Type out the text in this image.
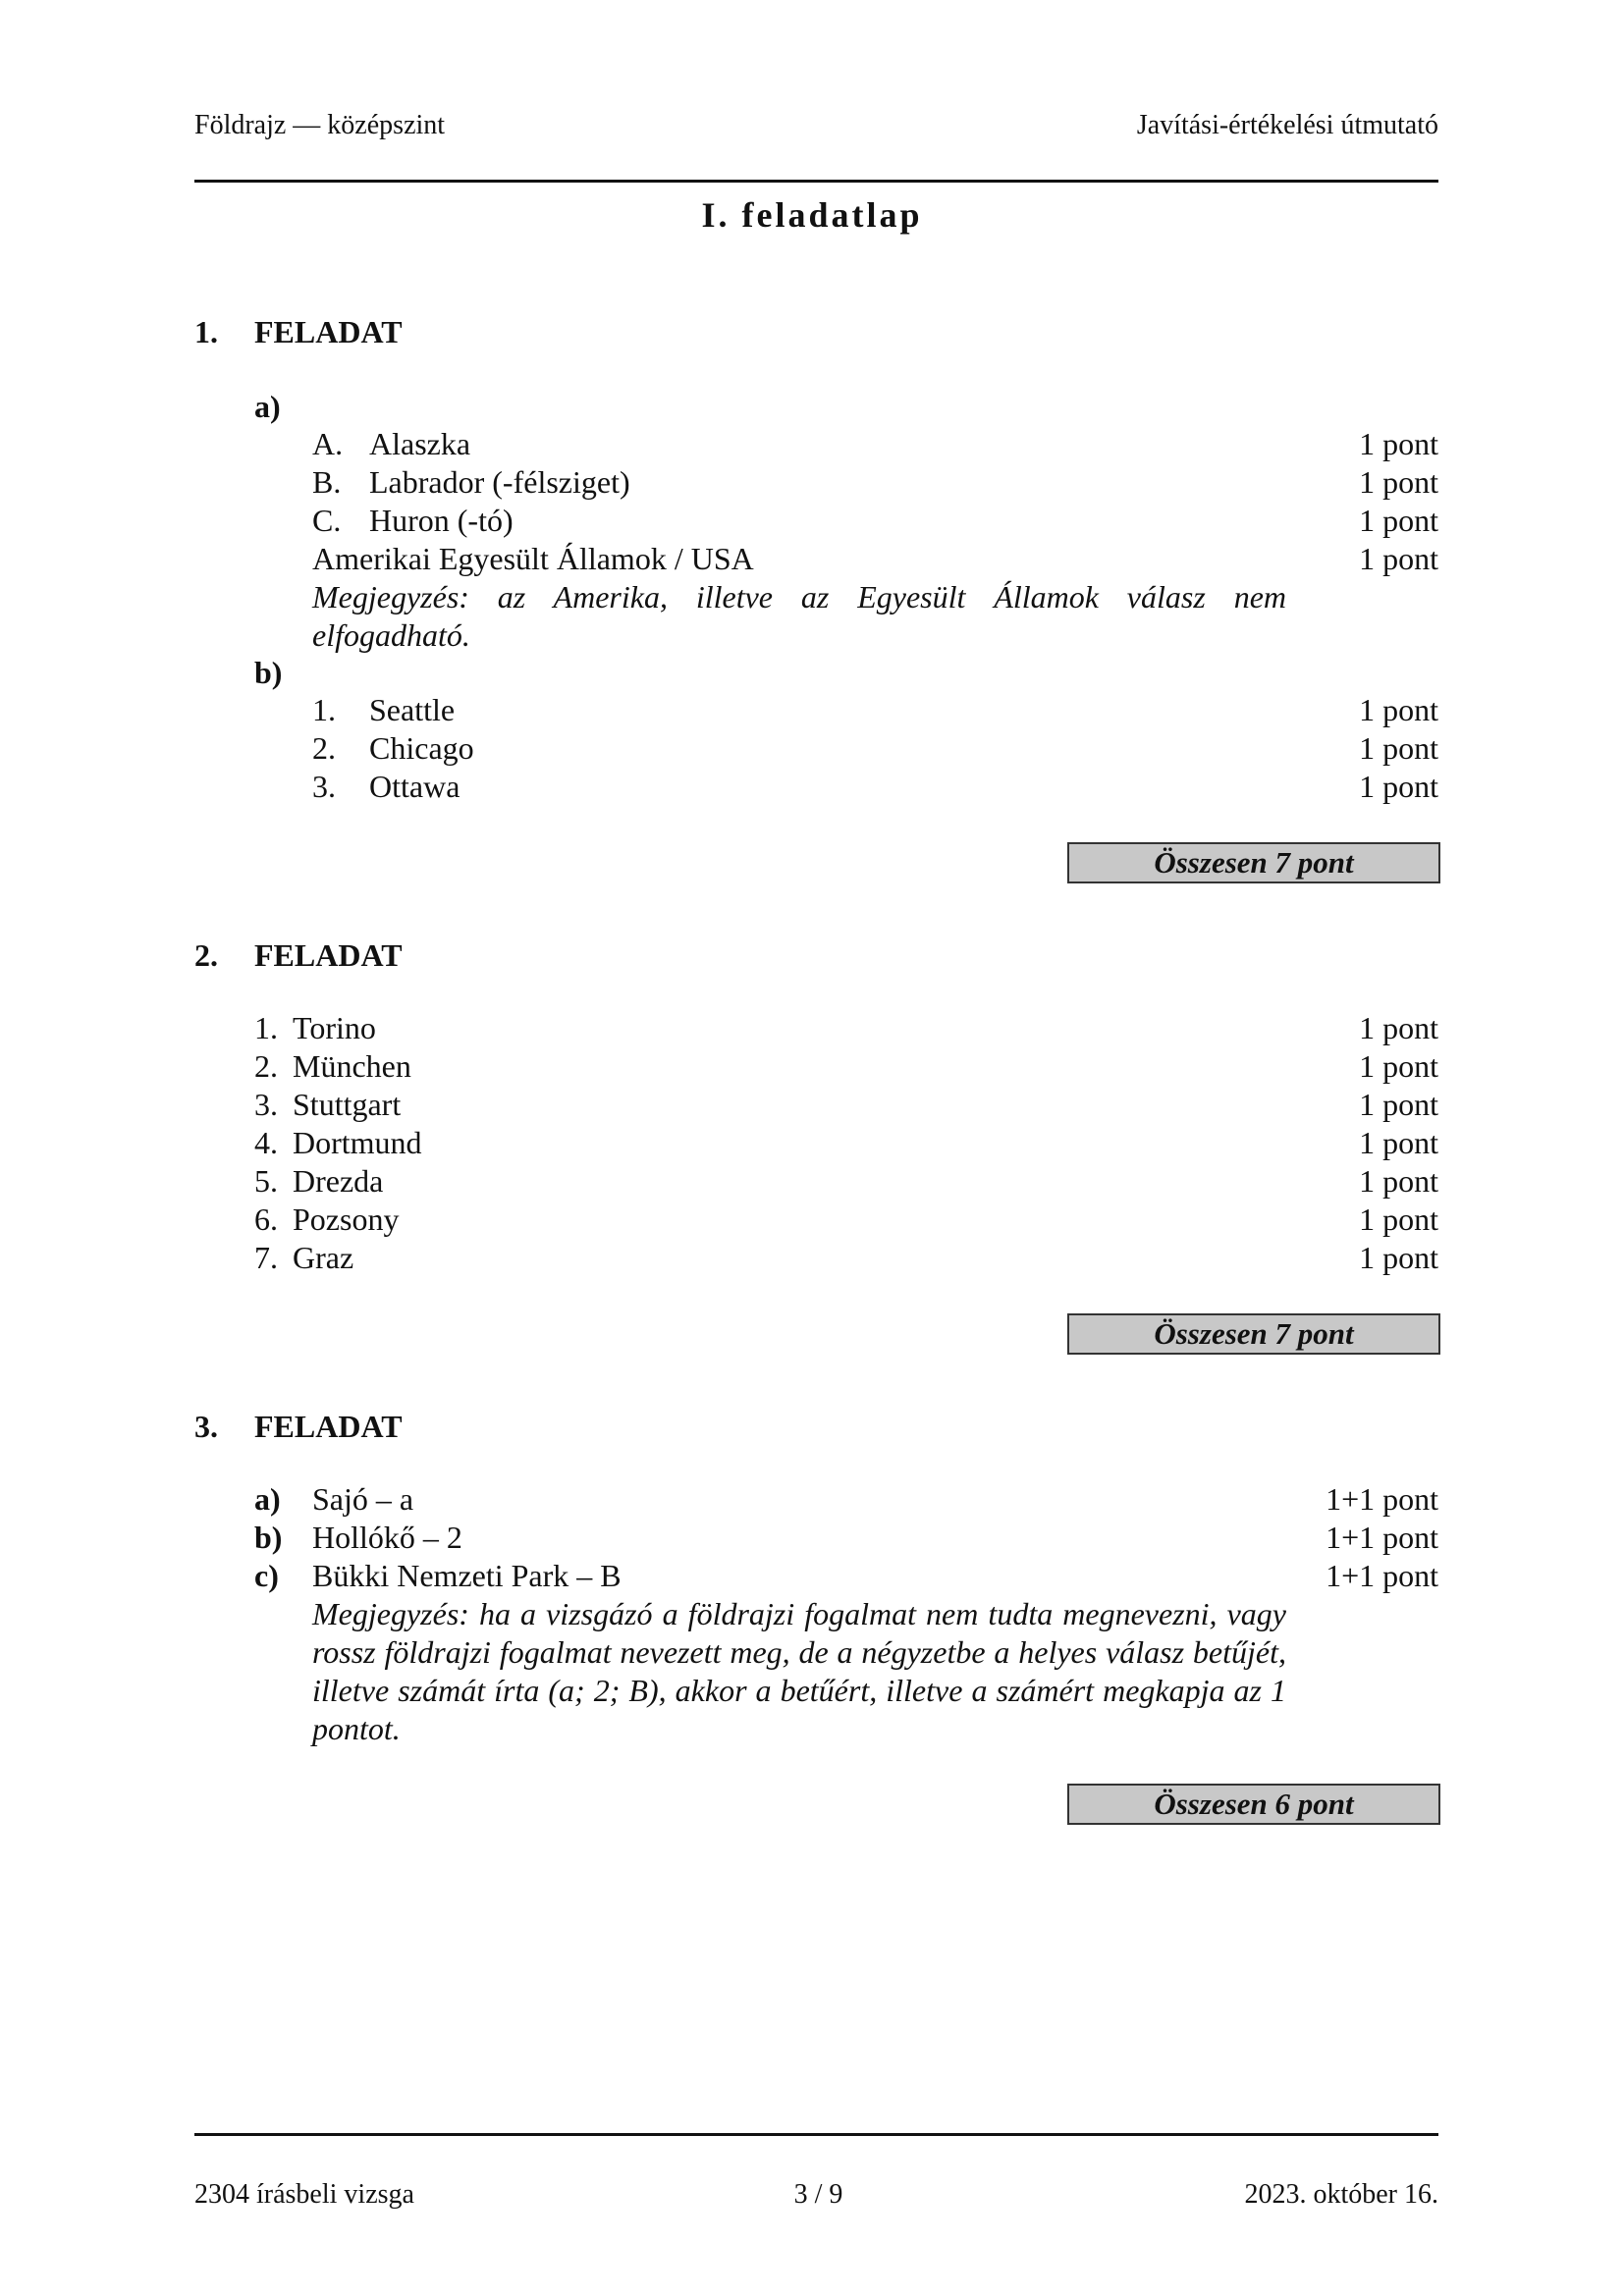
Földrajz — középszint	Javítási-értékelési útmutató
I. feladatlap
1. FELADAT
a)
A. Alaszka	1 pont
B. Labrador (-félsziget)	1 pont
C. Huron (-tó)	1 pont
Amerikai Egyesült Államok / USA	1 pont
Megjegyzés: az Amerika, illetve az Egyesült Államok válasz nem elfogadható.
b)
1. Seattle	1 pont
2. Chicago	1 pont
3. Ottawa	1 pont
Összesen 7 pont
2. FELADAT
1. Torino	1 pont
2. München	1 pont
3. Stuttgart	1 pont
4. Dortmund	1 pont
5. Drezda	1 pont
6. Pozsony	1 pont
7. Graz	1 pont
Összesen 7 pont
3. FELADAT
a) Sajó – a	1+1 pont
b) Hollókő – 2	1+1 pont
c) Bükki Nemzeti Park – B	1+1 pont
Megjegyzés: ha a vizsgázó a földrajzi fogalmat nem tudta megnevezni, vagy rossz földrajzi fogalmat nevezett meg, de a négyzetbe a helyes válasz betűjét, illetve számát írta (a; 2; B), akkor a betűért, illetve a számért megkapja az 1 pontot.
Összesen 6 pont
2304 írásbeli vizsga	3 / 9	2023. október 16.
